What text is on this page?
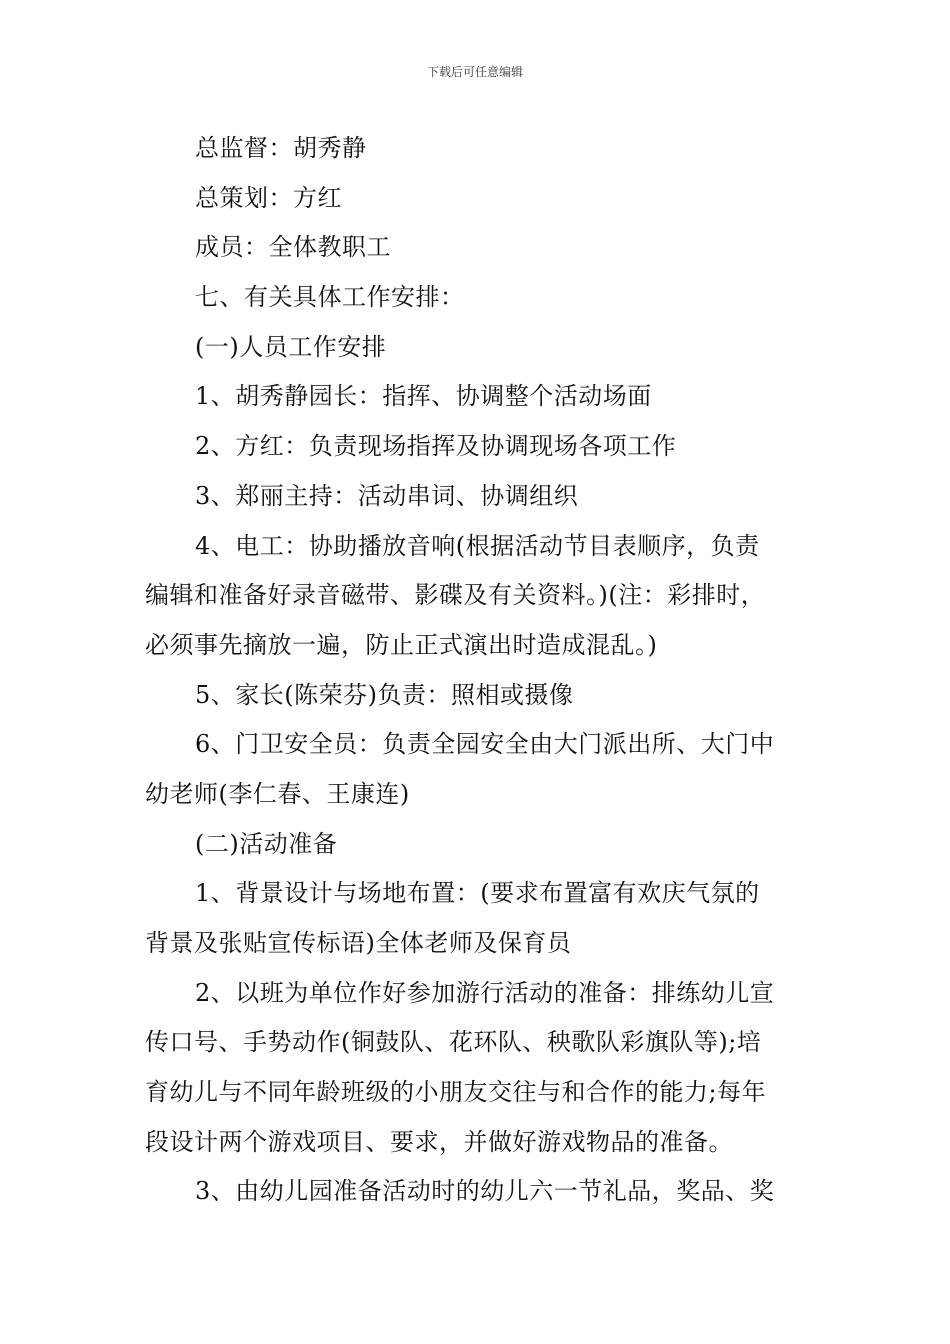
下载后可任意编辑
总监督：胡秀静
总策划：方红
成员：全体教职工
七、有关具体工作安排：
(一)人员工作安排
1、胡秀静园长：指挥、协调整个活动场面
2、方红：负责现场指挥及协调现场各项工作
3、郑丽主持：活动串词、协调组织
4、电工：协助播放音响(根据活动节目表顺序，负责
编辑和准备好录音磁带、影碟及有关资料。)(注：彩排时，
必须事先摘放一遍，防止正式演出时造成混乱。)
5、家长(陈荣芬)负责：照相或摄像
6、门卫安全员：负责全园安全由大门派出所、大门中
幼老师(李仁春、王康连)
(二)活动准备
1、背景设计与场地布置：(要求布置富有欢庆气氛的
背景及张贴宣传标语)全体老师及保育员
2、以班为单位作好参加游行活动的准备：排练幼儿宣
传口号、手势动作(铜鼓队、花环队、秧歌队彩旗队等);培
育幼儿与不同年龄班级的小朋友交往与和合作的能力;每年
段设计两个游戏项目、要求，并做好游戏物品的准备。
3、由幼儿园准备活动时的幼儿六一节礼品，奖品、奖
